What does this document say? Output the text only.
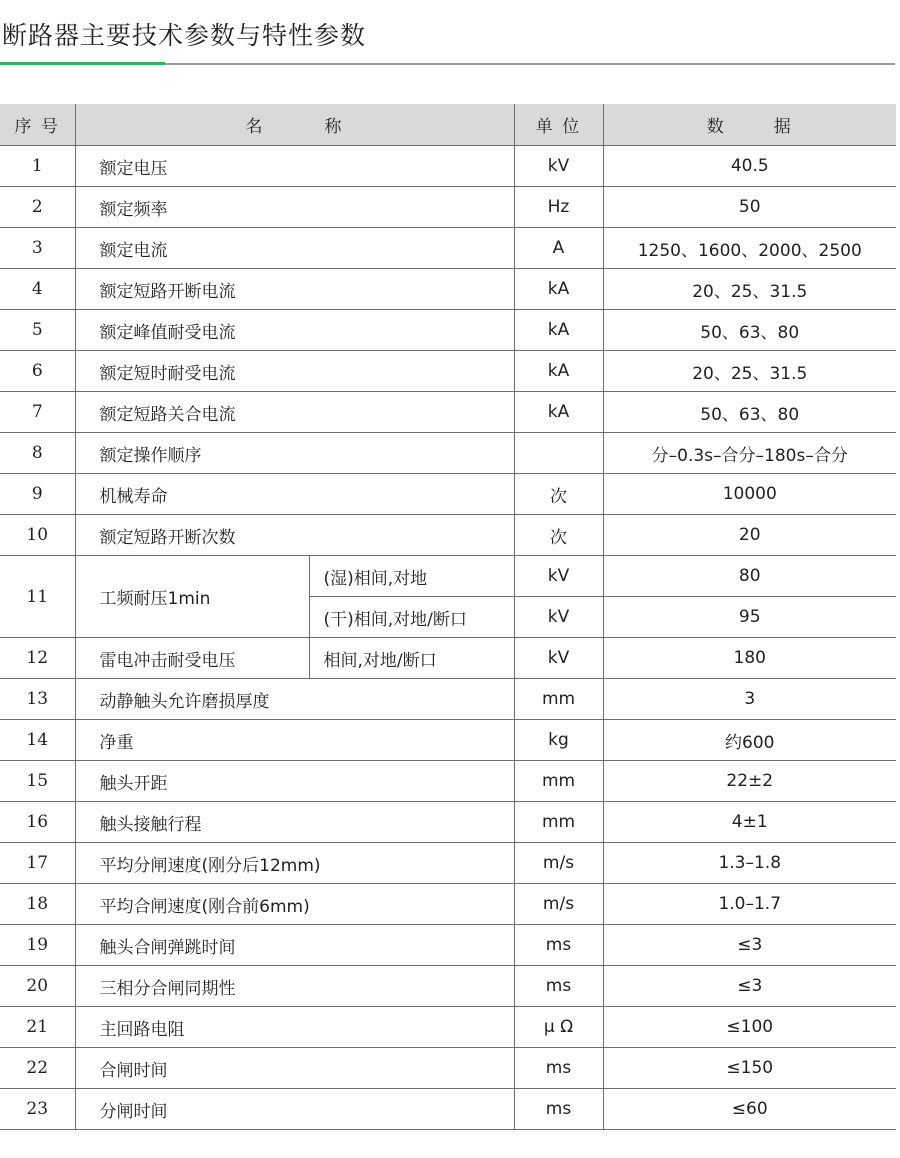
断路器主要技术参数与特性参数
序 号	名 称		单 位	数 据
1	额定电压		kV	40.5
2	额定频率		Hz	50
3	额定电流		A	1250、1600、2000、2500
4	额定短路开断电流		kA	20、25、31.5
5	额定峰值耐受电流		kA	50、63、80
6	额定短时耐受电流		kA	20、25、31.5
7	额定短路关合电流		kA	50、63、80
8	额定操作顺序			分–0.3s–合分–180s–合分
9	机械寿命		次	10000
10	额定短路开断次数		次	20
11	工频耐压1min	(湿)相间,对地	kV	80
		(干)相间,对地/断口	kV	95
12	雷电冲击耐受电压	相间,对地/断口	kV	180
13	动静触头允许磨损厚度		mm	3
14	净重		kg	约600
15	触头开距		mm	22±2
16	触头接触行程		mm	4±1
17	平均分闸速度(刚分后12mm)		m/s	1.3–1.8
18	平均合闸速度(刚合前6mm)		m/s	1.0–1.7
19	触头合闸弹跳时间		ms	≤3
20	三相分合闸同期性		ms	≤3
21	主回路电阻		μ Ω	≤100
22	合闸时间		ms	≤150
23	分闸时间		ms	≤60
